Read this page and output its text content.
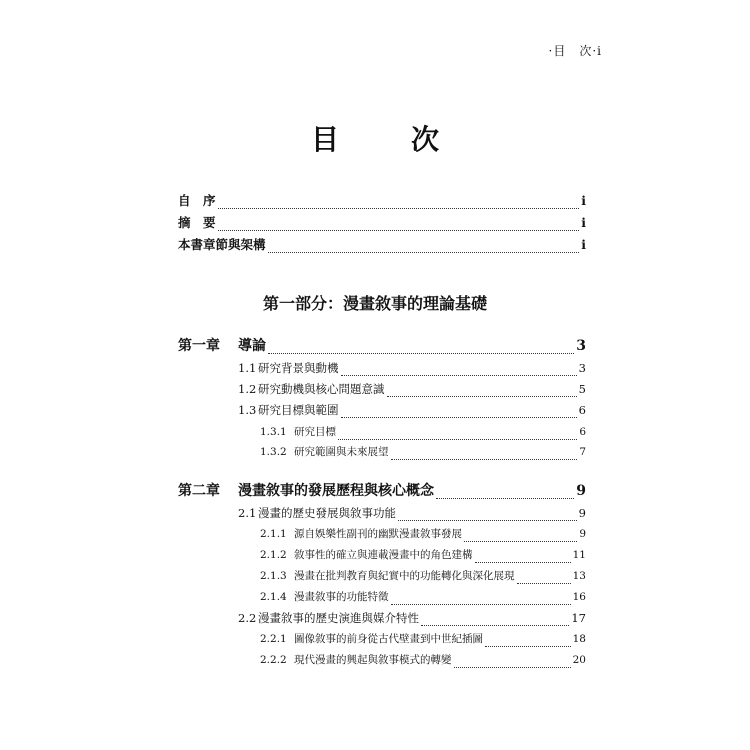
·目　次·i
目　次
自　序	i
摘　要	i
本書章節與架構	i
第一部分：漫畫敘事的理論基礎
第一章 導論	3
1.1 研究背景與動機	3
1.2 研究動機與核心問題意識	5
1.3 研究目標與範圍	6
1.3.1 研究目標	6
1.3.2 研究範圍與未來展望	7
第二章 漫畫敘事的發展歷程與核心概念	9
2.1 漫畫的歷史發展與敘事功能	9
2.1.1 源自娛樂性副刊的幽默漫畫敘事發展	9
2.1.2 敘事性的確立與連載漫畫中的角色建構	11
2.1.3 漫畫在批判教育與紀實中的功能轉化與深化展現	13
2.1.4 漫畫敘事的功能特徵	16
2.2 漫畫敘事的歷史演進與媒介特性	17
2.2.1 圖像敘事的前身從古代壁畫到中世紀插圖	18
2.2.2 現代漫畫的興起與敘事模式的轉變	20
